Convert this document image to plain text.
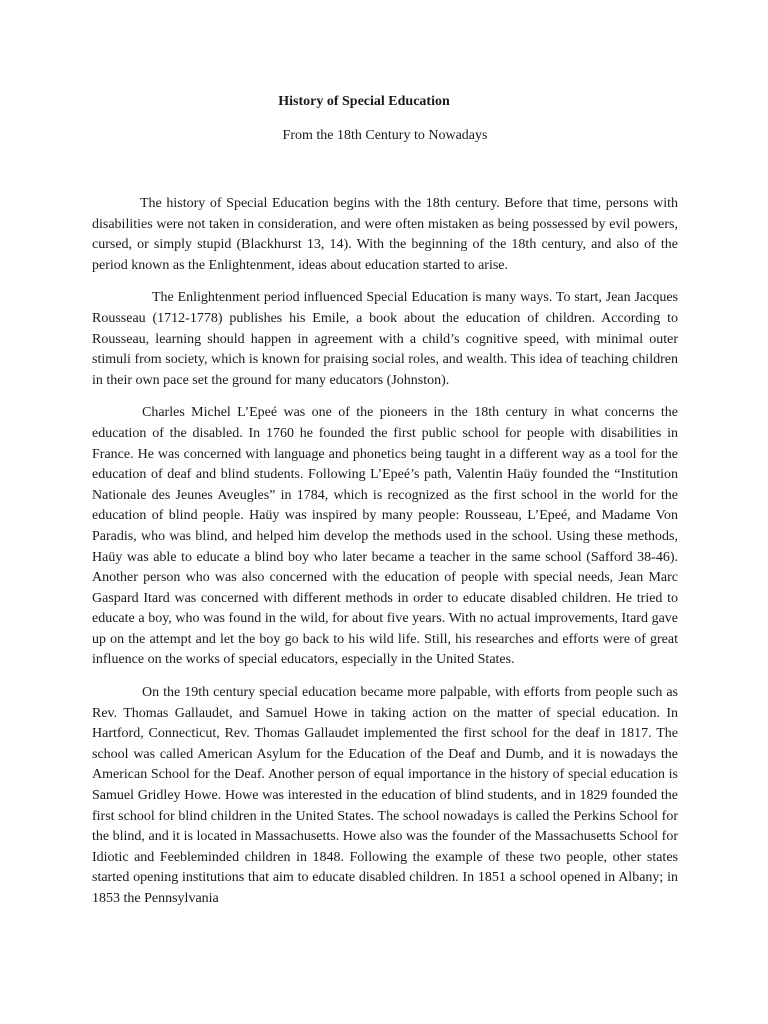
History of Special Education
From the 18th Century to Nowadays

The history of Special Education begins with the 18th century. Before that time, persons with disabilities were not taken in consideration, and were often mistaken as being possessed by evil powers, cursed, or simply stupid (Blackhurst 13, 14). With the beginning of the 18th century, and also of the period known as the Enlightenment, ideas about education started to arise.

The Enlightenment period influenced Special Education is many ways. To start, Jean Jacques Rousseau (1712-1778) publishes his Emile, a book about the education of children. According to Rousseau, learning should happen in agreement with a child’s cognitive speed, with minimal outer stimuli from society, which is known for praising social roles, and wealth. This idea of teaching children in their own pace set the ground for many educators (Johnston).

Charles Michel L’Epeé was one of the pioneers in the 18th century in what concerns the education of the disabled. In 1760 he founded the first public school for people with disabilities in France. He was concerned with language and phonetics being taught in a different way as a tool for the education of deaf and blind students. Following L’Epeé’s path, Valentin Haüy founded the “Institution Nationale des Jeunes Aveugles” in 1784, which is recognized as the first school in the world for the education of blind people. Haüy was inspired by many people: Rousseau, L’Epeé, and Madame Von Paradis, who was blind, and helped him develop the methods used in the school. Using these methods, Haüy was able to educate a blind boy who later became a teacher in the same school (Safford 38-46). Another person who was also concerned with the education of people with special needs, Jean Marc Gaspard Itard was concerned with different methods in order to educate disabled children. He tried to educate a boy, who was found in the wild, for about five years. With no actual improvements, Itard gave up on the attempt and let the boy go back to his wild life. Still, his researches and efforts were of great influence on the works of special educators, especially in the United States.

On the 19th century special education became more palpable, with efforts from people such as Rev. Thomas Gallaudet, and Samuel Howe in taking action on the matter of special education. In Hartford, Connecticut, Rev. Thomas Gallaudet implemented the first school for the deaf in 1817. The school was called American Asylum for the Education of the Deaf and Dumb, and it is nowadays the American School for the Deaf. Another person of equal importance in the history of special education is Samuel Gridley Howe. Howe was interested in the education of blind students, and in 1829 founded the first school for blind children in the United States. The school nowadays is called the Perkins School for the blind, and it is located in Massachusetts. Howe also was the founder of the Massachusetts School for Idiotic and Feebleminded children in 1848. Following the example of these two people, other states started opening institutions that aim to educate disabled children. In 1851 a school opened in Albany; in 1853 the Pennsylvania
